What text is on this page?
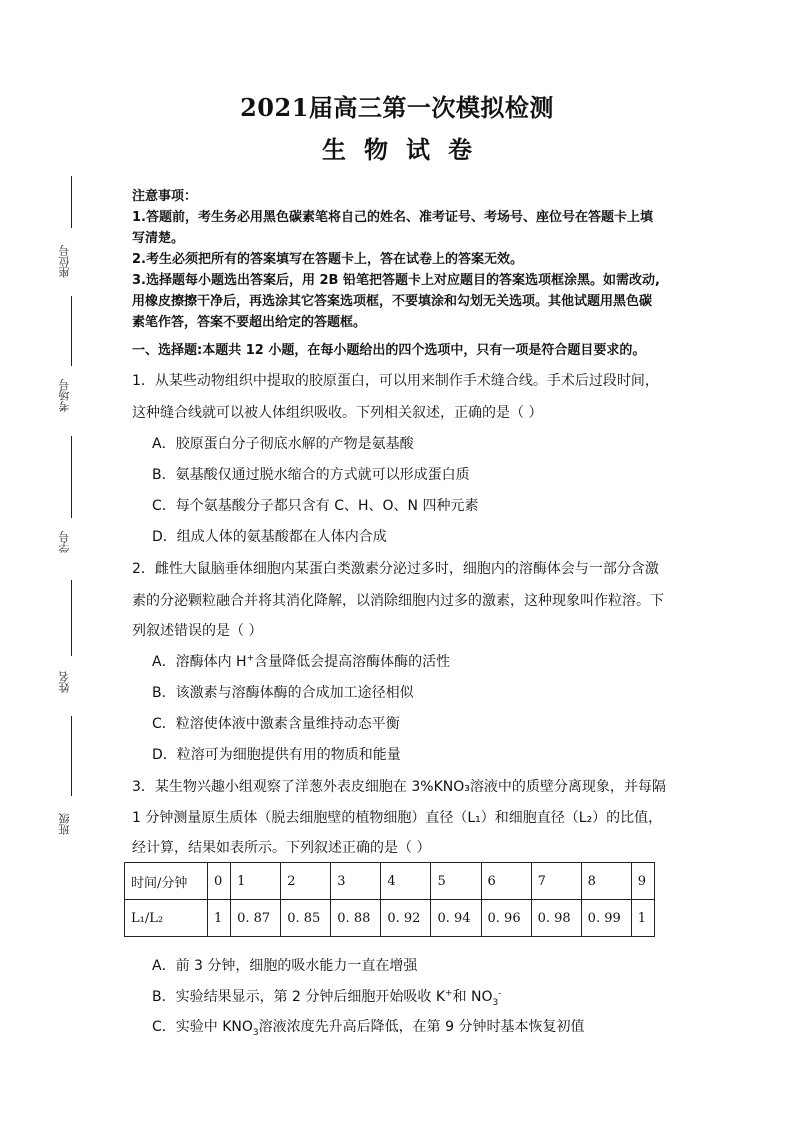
2021届高三第一次模拟检测
生物试卷
座位号
考场号
学号
姓名
班级

注意事项：

1.答题前，考生务必用黑色碳素笔将自己的姓名、准考证号、考场号、座位号在答题卡上填写清楚。

2.考生必须把所有的答案填写在答题卡上，答在试卷上的答案无效。

3.选择题每小题选出答案后，用 2B 铅笔把答题卡上对应题目的答案选项框涂黑。如需改动,用橡皮擦擦干净后，再选涂其它答案选项框，不要填涂和勾划无关选项。其他试题用黑色碳素笔作答，答案不要超出给定的答题框。

一、选择题:本题共 12 小题，在每小题给出的四个选项中，只有一项是符合题目要求的。
1．从某些动物组织中提取的胶原蛋白，可以用来制作手术缝合线。手术后过段时间，
这种缝合线就可以被人体组织吸收。下列相关叙述，正确的是（ ）
A．胶原蛋白分子彻底水解的产物是氨基酸
B．氨基酸仅通过脱水缩合的方式就可以形成蛋白质
C．每个氨基酸分子都只含有 C、H、O、N 四种元素
D．组成人体的氨基酸都在人体内合成
2．雌性大鼠脑垂体细胞内某蛋白类激素分泌过多时，细胞内的溶酶体会与一部分含激
素的分泌颗粒融合并将其消化降解，以消除细胞内过多的激素，这种现象叫作粒溶。下
列叙述错误的是（ ）
A．溶酶体内 H+含量降低会提高溶酶体酶的活性
B．该激素与溶酶体酶的合成加工途径相似
C．粒溶使体液中激素含量维持动态平衡
D．粒溶可为细胞提供有用的物质和能量
3．某生物兴趣小组观察了洋葱外表皮细胞在 3%KNO₃溶液中的质壁分离现象，并每隔
1 分钟测量原生质体（脱去细胞壁的植物细胞）直径（L₁）和细胞直径（L₂）的比值，
经计算，结果如表所示。下列叙述正确的是（ ）
时间/分钟	0	1	2	3	4	5	6	7	8	9
L₁/L₂	1	0. 87	0. 85	0. 88	0. 92	0. 94	0. 96	0. 98	0. 99	1
A．前 3 分钟，细胞的吸水能力一直在增强
B．实验结果显示，第 2 分钟后细胞开始吸收 K+和 $NO_3^-$
C．实验中 $KNO_3$溶液浓度先升高后降低，在第 9 分钟时基本恢复初值
